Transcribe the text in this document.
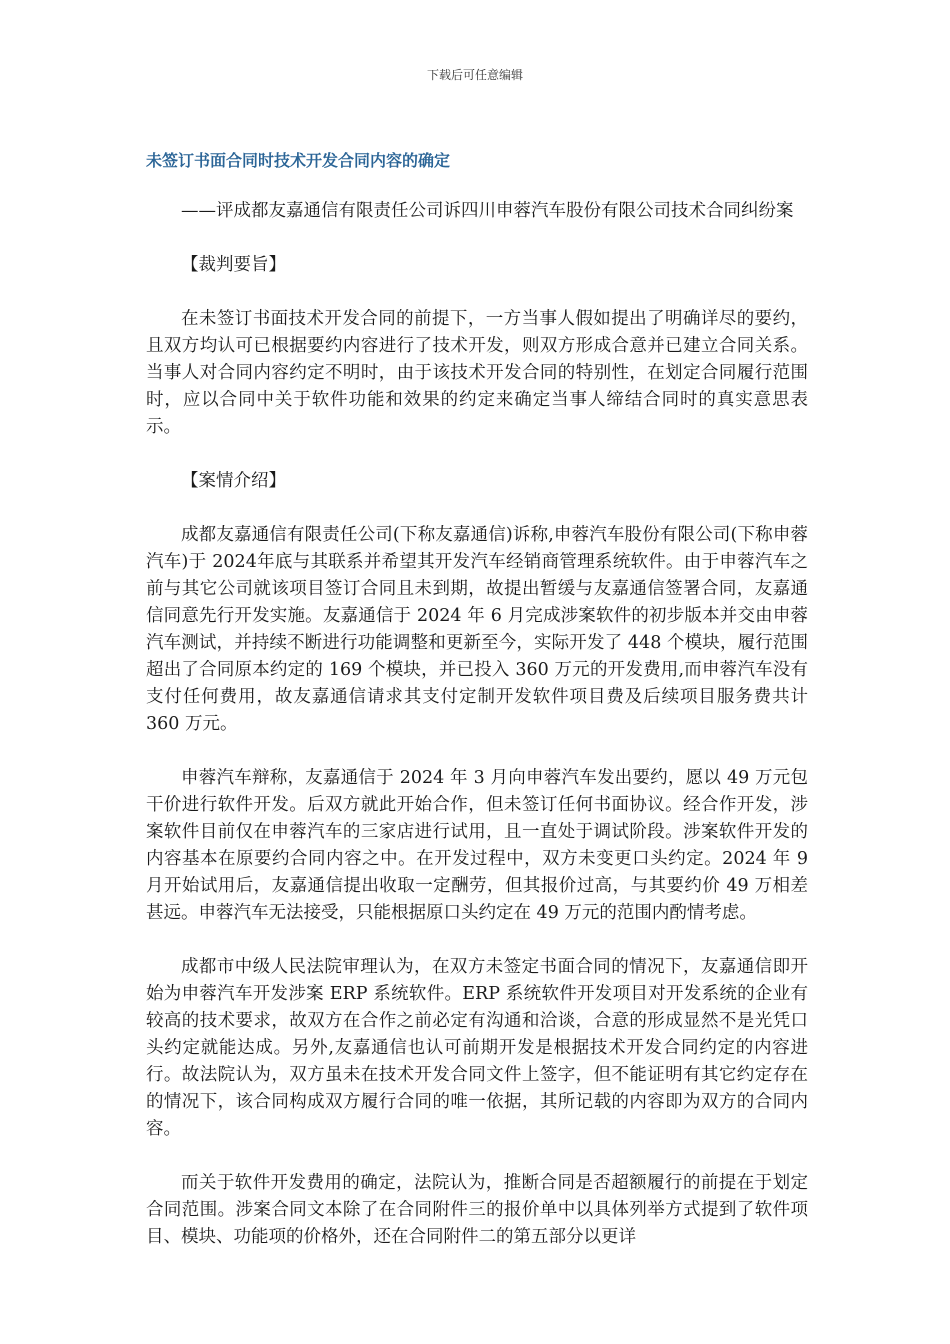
下载后可任意编辑
未签订书面合同时技术开发合同内容的确定

——评成都友嘉通信有限责任公司诉四川申蓉汽车股份有限公司技术合同纠纷案

【裁判要旨】

在未签订书面技术开发合同的前提下，一方当事人假如提出了明确详尽的要约，且双方均认可已根据要约内容进行了技术开发，则双方形成合意并已建立合同关系。当事人对合同内容约定不明时，由于该技术开发合同的特别性，在划定合同履行范围时，应以合同中关于软件功能和效果的约定来确定当事人缔结合同时的真实意思表示。

【案情介绍】

成都友嘉通信有限责任公司(下称友嘉通信)诉称,申蓉汽车股份有限公司(下称申蓉汽车)于 2024年底与其联系并希望其开发汽车经销商管理系统软件。由于申蓉汽车之前与其它公司就该项目签订合同且未到期，故提出暂缓与友嘉通信签署合同，友嘉通信同意先行开发实施。友嘉通信于 2024 年 6 月完成涉案软件的初步版本并交由申蓉汽车测试，并持续不断进行功能调整和更新至今，实际开发了 448 个模块，履行范围超出了合同原本约定的 169 个模块，并已投入 360 万元的开发费用,而申蓉汽车没有支付任何费用，故友嘉通信请求其支付定制开发软件项目费及后续项目服务费共计 360 万元。

申蓉汽车辩称，友嘉通信于 2024 年 3 月向申蓉汽车发出要约，愿以 49 万元包干价进行软件开发。后双方就此开始合作，但未签订任何书面协议。经合作开发，涉案软件目前仅在申蓉汽车的三家店进行试用，且一直处于调试阶段。涉案软件开发的内容基本在原要约合同内容之中。在开发过程中，双方未变更口头约定。2024 年 9 月开始试用后，友嘉通信提出收取一定酬劳，但其报价过高，与其要约价 49 万相差甚远。申蓉汽车无法接受，只能根据原口头约定在 49 万元的范围内酌情考虑。

成都市中级人民法院审理认为，在双方未签定书面合同的情况下，友嘉通信即开始为申蓉汽车开发涉案 ERP 系统软件。ERP 系统软件开发项目对开发系统的企业有较高的技术要求，故双方在合作之前必定有沟通和洽谈，合意的形成显然不是光凭口头约定就能达成。另外,友嘉通信也认可前期开发是根据技术开发合同约定的内容进行。故法院认为，双方虽未在技术开发合同文件上签字，但不能证明有其它约定存在的情况下，该合同构成双方履行合同的唯一依据，其所记载的内容即为双方的合同内容。

而关于软件开发费用的确定，法院认为，推断合同是否超额履行的前提在于划定合同范围。涉案合同文本除了在合同附件三的报价单中以具体列举方式提到了软件项目、模块、功能项的价格外，还在合同附件二的第五部分以更详
